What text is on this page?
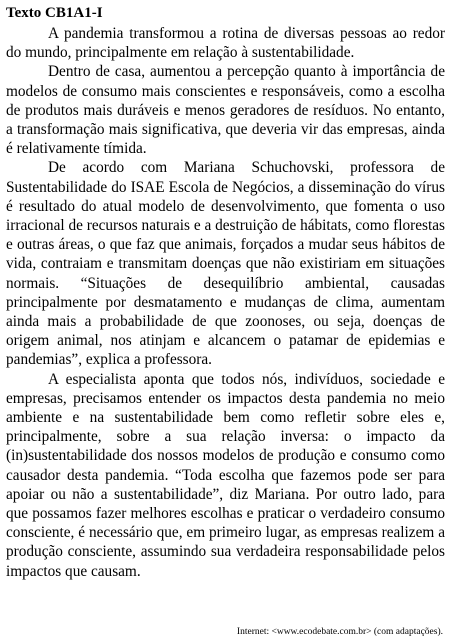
Texto CB1A1-I

A pandemia transformou a rotina de diversas pessoas ao redor do mundo, principalmente em relação à sustentabilidade.

Dentro de casa, aumentou a percepção quanto à importância de modelos de consumo mais conscientes e responsáveis, como a escolha de produtos mais duráveis e menos geradores de resíduos. No entanto, a transformação mais significativa, que deveria vir das empresas, ainda é relativamente tímida.

De acordo com Mariana Schuchovski, professora de Sustentabilidade do ISAE Escola de Negócios, a disseminação do vírus é resultado do atual modelo de desenvolvimento, que fomenta o uso irracional de recursos naturais e a destruição de hábitats, como florestas e outras áreas, o que faz que animais, forçados a mudar seus hábitos de vida, contraiam e transmitam doenças que não existiriam em situações normais. “Situações de desequilíbrio ambiental, causadas principalmente por desmatamento e mudanças de clima, aumentam ainda mais a probabilidade de que zoonoses, ou seja, doenças de origem animal, nos atinjam e alcancem o patamar de epidemias e pandemias”, explica a professora.

A especialista aponta que todos nós, indivíduos, sociedade e empresas, precisamos entender os impactos desta pandemia no meio ambiente e na sustentabilidade bem como refletir sobre eles e, principalmente, sobre a sua relação inversa: o impacto da (in)sustentabilidade dos nossos modelos de produção e consumo como causador desta pandemia. “Toda escolha que fazemos pode ser para apoiar ou não a sustentabilidade”, diz Mariana. Por outro lado, para que possamos fazer melhores escolhas e praticar o verdadeiro consumo consciente, é necessário que, em primeiro lugar, as empresas realizem a produção consciente, assumindo sua verdadeira responsabilidade pelos impactos que causam.

Internet: <www.ecodebate.com.br> (com adaptações).
